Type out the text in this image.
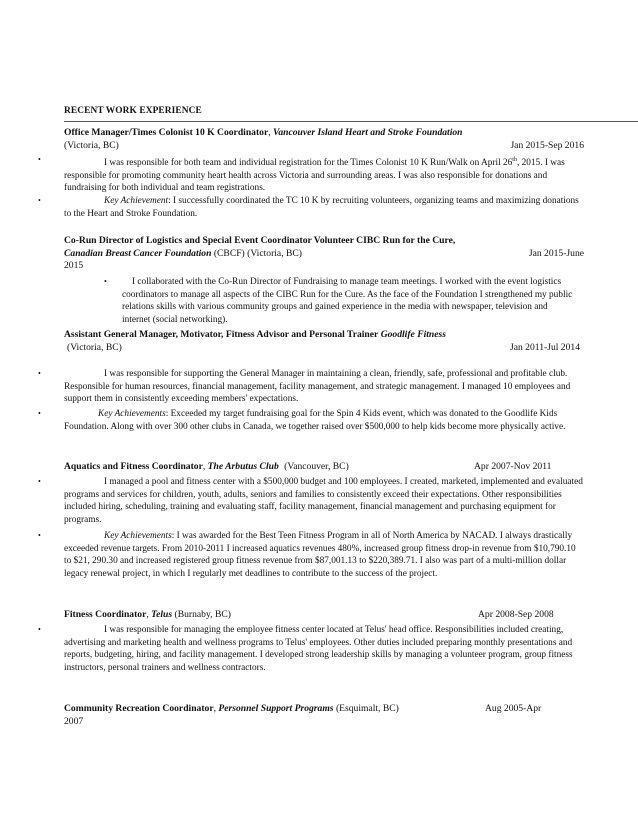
RECENT WORK EXPERIENCE
Office Manager/Times Colonist 10 K Coordinator, Vancouver Island Heart and Stroke Foundation
(Victoria, BC)	Jan 2015-Sep 2016
•	I was responsible for both team and individual registration for the Times Colonist 10 K Run/Walk on April 26th, 2015. I was responsible for promoting community heart health across Victoria and surrounding areas. I was also responsible for donations and fundraising for both individual and team registrations.
•	Key Achievement: I successfully coordinated the TC 10 K by recruiting volunteers, organizing teams and maximizing donations to the Heart and Stroke Foundation.
Co-Run Director of Logistics and Special Event Coordinator Volunteer CIBC Run for the Cure,
Canadian Breast Cancer Foundation (CBCF) (Victoria, BC)	Jan 2015-June
2015
•	I collaborated with the Co-Run Director of Fundraising to manage team meetings. I worked with the event logistics coordinators to manage all aspects of the CIBC Run for the Cure. As the face of the Foundation I strengthened my public relations skills with various community groups and gained experience in the media with newspaper, television and internet (social networking).
Assistant General Manager, Motivator, Fitness Advisor and Personal Trainer Goodlife Fitness
(Victoria, BC)	Jan 2011-Jul 2014
•	I was responsible for supporting the General Manager in maintaining a clean, friendly, safe, professional and profitable club. Responsible for human resources, financial management, facility management, and strategic management. I managed 10 employees and support them in consistently exceeding members' expectations.
•	Key Achievements: Exceeded my target fundraising goal for the Spin 4 Kids event, which was donated to the Goodlife Kids Foundation. Along with over 300 other clubs in Canada, we together raised over $500,000 to help kids become more physically active.
Aquatics and Fitness Coordinator, The Arbutus Club (Vancouver, BC)	Apr 2007-Nov 2011
•	I managed a pool and fitness center with a $500,000 budget and 100 employees. I created, marketed, implemented and evaluated programs and services for children, youth, adults, seniors and families to consistently exceed their expectations. Other responsibilities included hiring, scheduling, training and evaluating staff, facility management, financial management and purchasing equipment for programs.
•	Key Achievements: I was awarded for the Best Teen Fitness Program in all of North America by NACAD. I always drastically exceeded revenue targets. From 2010-2011 I increased aquatics revenues 480%, increased group fitness drop-in revenue from $10,790.10 to $21, 290.30 and increased registered group fitness revenue from $87,001.13 to $220,389.71. I also was part of a multi-million dollar legacy renewal project, in which I regularly met deadlines to contribute to the success of the project.
Fitness Coordinator, Telus (Burnaby, BC)	Apr 2008-Sep 2008
•	I was responsible for managing the employee fitness center located at Telus' head office. Responsibilities included creating, advertising and marketing health and wellness programs to Telus' employees. Other duties included preparing monthly presentations and reports, budgeting, hiring, and facility management. I developed strong leadership skills by managing a volunteer program, group fitness instructors, personal trainers and wellness contractors.
Community Recreation Coordinator, Personnel Support Programs (Esquimalt, BC)	Aug 2005-Apr
2007
